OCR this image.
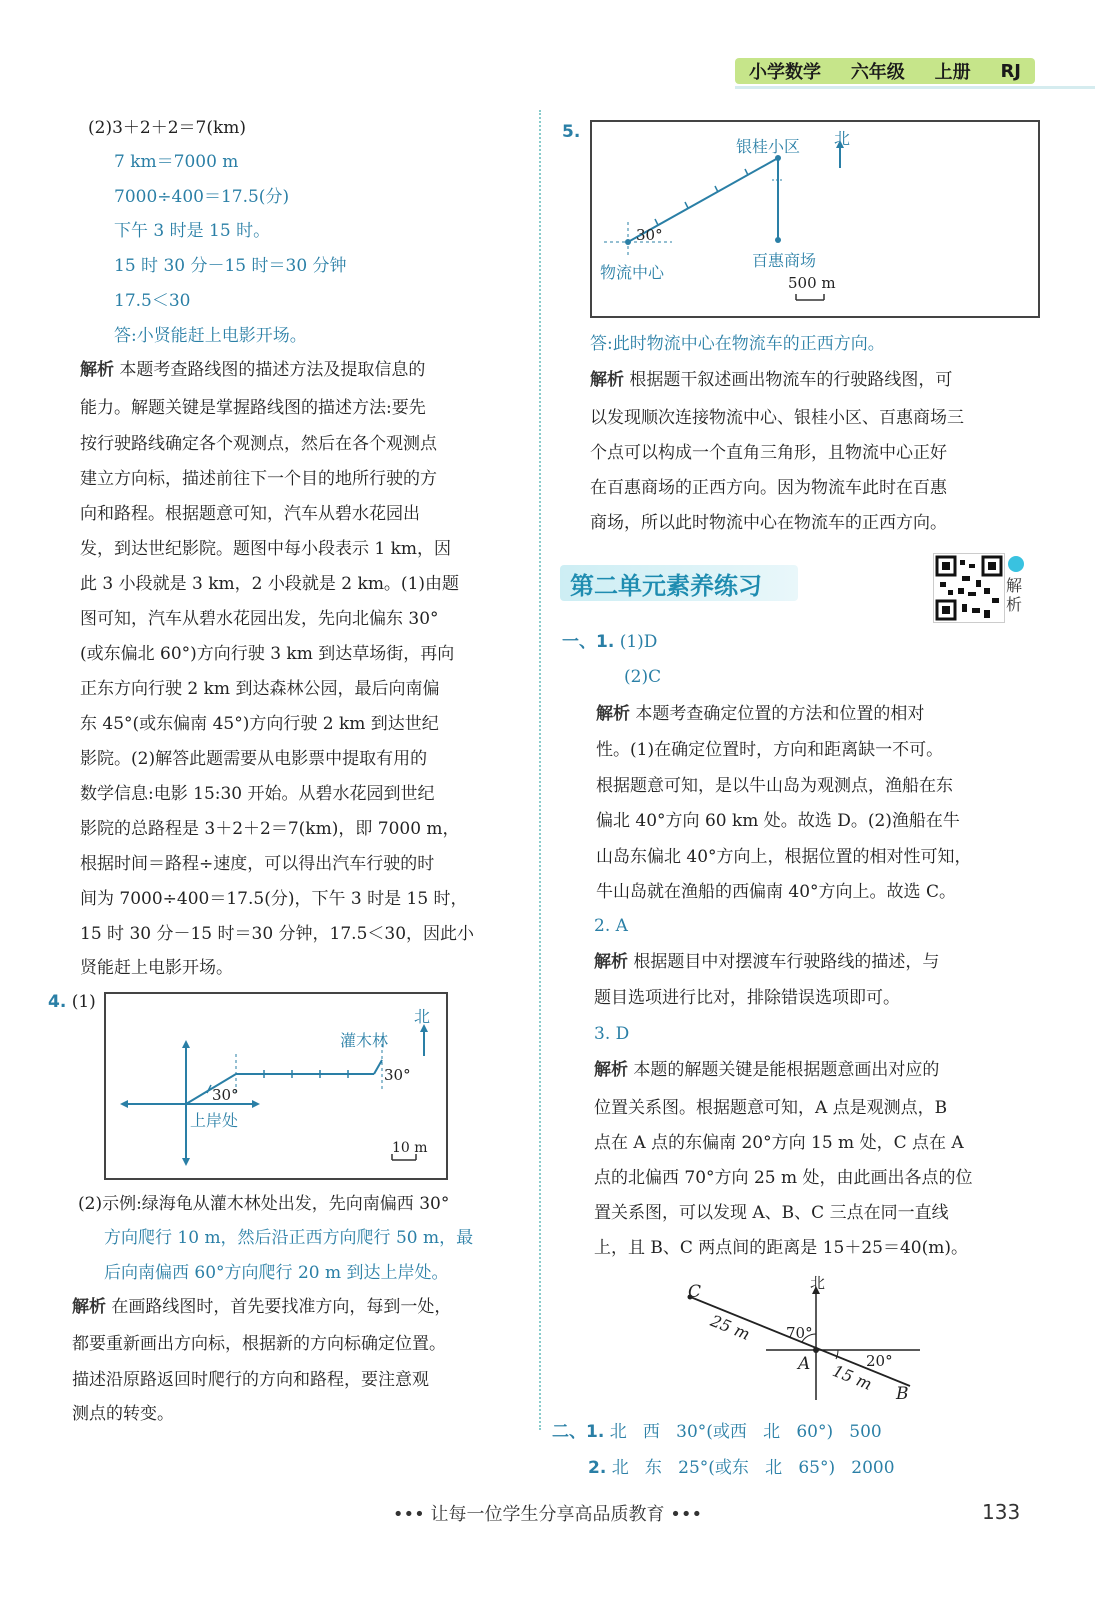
小学数学 六年级 上册 RJ
(2)3＋2＋2＝7(km)
7 km＝7000 m
7000÷400＝17.5(分)
下午 3 时是 15 时。
15 时 30 分－15 时＝30 分钟
17.5＜30
答:小贤能赶上电影开场。
解析 本题考查路线图的描述方法及提取信息的
能力。解题关键是掌握路线图的描述方法:要先
按行驶路线确定各个观测点，然后在各个观测点
建立方向标，描述前往下一个目的地所行驶的方
向和路程。根据题意可知，汽车从碧水花园出
发，到达世纪影院。题图中每小段表示 1 km，因
此 3 小段就是 3 km，2 小段就是 2 km。(1)由题
图可知，汽车从碧水花园出发，先向北偏东 30°
(或东偏北 60°)方向行驶 3 km 到达草场街，再向
正东方向行驶 2 km 到达森林公园，最后向南偏
东 45°(或东偏南 45°)方向行驶 2 km 到达世纪
影院。(2)解答此题需要从电影票中提取有用的
数学信息:电影 15:30 开始。从碧水花园到世纪
影院的总路程是 3＋2＋2＝7(km)，即 7000 m，
根据时间＝路程÷速度，可以得出汽车行驶的时
间为 7000÷400＝17.5(分)，下午 3 时是 15 时，
15 时 30 分－15 时＝30 分钟，17.5＜30，因此小
贤能赶上电影开场。
4. (1)
北
灌木林
上岸处
30°
30°
10 m
(2)示例:绿海龟从灌木林处出发，先向南偏西 30°
方向爬行 10 m，然后沿正西方向爬行 50 m，最
后向南偏西 60°方向爬行 20 m 到达上岸处。
解析 在画路线图时，首先要找准方向，每到一处，
都要重新画出方向标，根据新的方向标确定位置。
描述沿原路返回时爬行的方向和路程，要注意观
测点的转变。
5.
银桂小区 北
30°
物流中心
百惠商场
500 m
答:此时物流中心在物流车的正西方向。
解析 根据题干叙述画出物流车的行驶路线图，可
以发现顺次连接物流中心、银桂小区、百惠商场三
个点可以构成一个直角三角形，且物流中心正好
在百惠商场的正西方向。因为物流车此时在百惠
商场，所以此时物流中心在物流车的正西方向。
第二单元素养练习	解析
一、1. (1)D
(2)C
解析 本题考查确定位置的方法和位置的相对
性。(1)在确定位置时，方向和距离缺一不可。
根据题意可知，是以牛山岛为观测点，渔船在东
偏北 40°方向 60 km 处。故选 D。(2)渔船在牛
山岛东偏北 40°方向上，根据位置的相对性可知，
牛山岛就在渔船的西偏南 40°方向上。故选 C。
2. A
解析 根据题目中对摆渡车行驶路线的描述，与
题目选项进行比对，排除错误选项即可。
3. D
解析 本题的解题关键是能根据题意画出对应的
位置关系图。根据题意可知，A 点是观测点，B
点在 A 点的东偏南 20°方向 15 m 处，C 点在 A
点的北偏西 70°方向 25 m 处，由此画出各点的位
置关系图，可以发现 A、B、C 三点在同一直线
上，且 B、C 两点间的距离是 15＋25＝40(m)。
北
C
A
B
25 m
15 m
70°
20°
二、1. 北   西   30°(或西   北   60°)   500
2. 北   东   25°(或东   北   65°)   2000
••• 让每一位学生分享高品质教育 •••	133
